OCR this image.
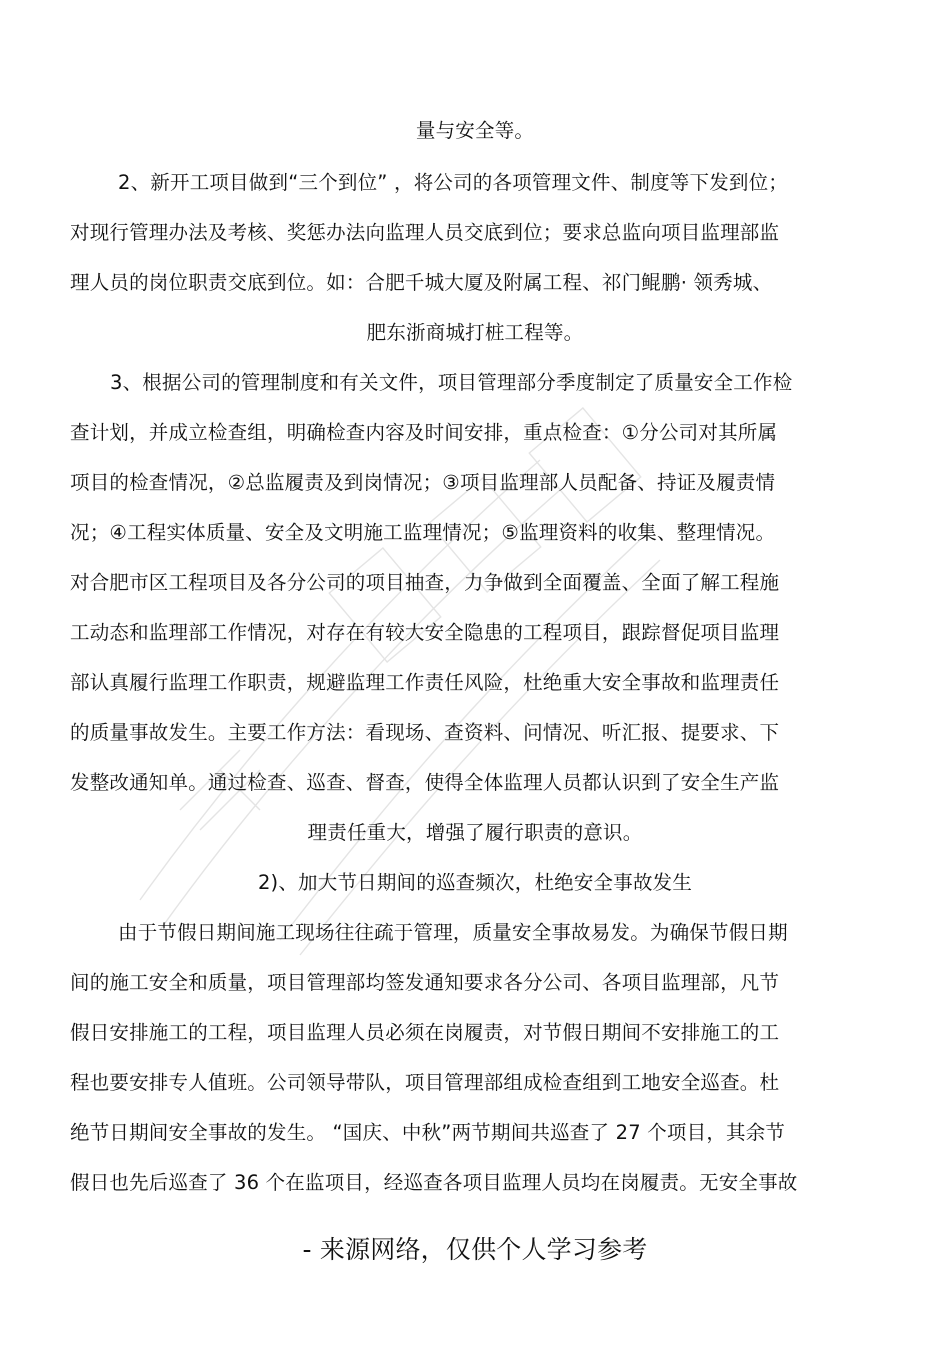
量与安全等。
2、新开工项目做到“三个到位” ，将公司的各项管理文件、制度等下发到位；
对现行管理办法及考核、奖惩办法向监理人员交底到位；要求总监向项目监理部监
理人员的岗位职责交底到位。如：合肥千城大厦及附属工程、祁门鲲鹏· 领秀城、
肥东浙商城打桩工程等。
3、根据公司的管理制度和有关文件，项目管理部分季度制定了质量安全工作检
查计划，并成立检查组，明确检查内容及时间安排，重点检查：①分公司对其所属
项目的检查情况，②总监履责及到岗情况；③项目监理部人员配备、持证及履责情
况；④工程实体质量、安全及文明施工监理情况；⑤监理资料的收集、整理情况。
对合肥市区工程项目及各分公司的项目抽查，力争做到全面覆盖、全面了解工程施
工动态和监理部工作情况，对存在有较大安全隐患的工程项目，跟踪督促项目监理
部认真履行监理工作职责，规避监理工作责任风险，杜绝重大安全事故和监理责任
的质量事故发生。主要工作方法：看现场、查资料、问情况、听汇报、提要求、下
发整改通知单。通过检查、巡查、督查，使得全体监理人员都认识到了安全生产监
理责任重大，增强了履行职责的意识。
2)、加大节日期间的巡查频次，杜绝安全事故发生
由于节假日期间施工现场往往疏于管理，质量安全事故易发。为确保节假日期
间的施工安全和质量，项目管理部均签发通知要求各分公司、各项目监理部，凡节
假日安排施工的工程，项目监理人员必须在岗履责，对节假日期间不安排施工的工
程也要安排专人值班。公司领导带队，项目管理部组成检查组到工地安全巡查。杜
绝节日期间安全事故的发生。 “国庆、中秋”两节期间共巡查了 27 个项目，其余节
假日也先后巡查了 36 个在监项目，经巡查各项目监理人员均在岗履责。无安全事故
- 来源网络，仅供个人学习参考
